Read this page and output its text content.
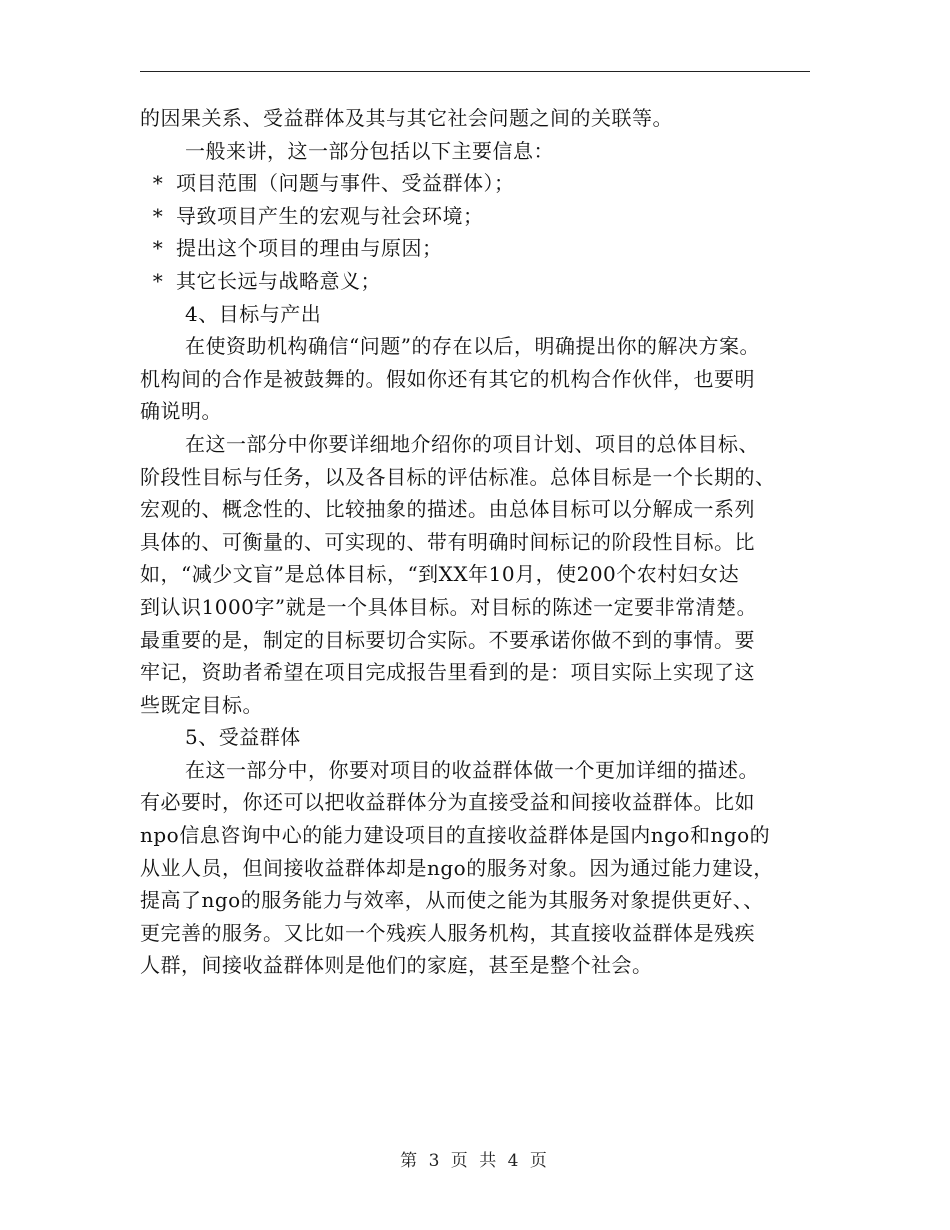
的因果关系、受益群体及其与其它社会问题之间的关联等。
一般来讲，这一部分包括以下主要信息：
* 项目范围（问题与事件、受益群体）；
* 导致项目产生的宏观与社会环境；
* 提出这个项目的理由与原因；
* 其它长远与战略意义；
4、目标与产出
在使资助机构确信“问题”的存在以后，明确提出你的解决方案。
机构间的合作是被鼓舞的。假如你还有其它的机构合作伙伴，也要明
确说明。
在这一部分中你要详细地介绍你的项目计划、项目的总体目标、
阶段性目标与任务，以及各目标的评估标准。总体目标是一个长期的、
宏观的、概念性的、比较抽象的描述。由总体目标可以分解成一系列
具体的、可衡量的、可实现的、带有明确时间标记的阶段性目标。比
如，“减少文盲”是总体目标，“到XX年10月，使200个农村妇女达
到认识1000字”就是一个具体目标。对目标的陈述一定要非常清楚。
最重要的是，制定的目标要切合实际。不要承诺你做不到的事情。要
牢记，资助者希望在项目完成报告里看到的是：项目实际上实现了这
些既定目标。
5、受益群体
在这一部分中，你要对项目的收益群体做一个更加详细的描述。
有必要时，你还可以把收益群体分为直接受益和间接收益群体。比如
npo信息咨询中心的能力建设项目的直接收益群体是国内ngo和ngo的
从业人员，但间接收益群体却是ngo的服务对象。因为通过能力建设，
提高了ngo的服务能力与效率，从而使之能为其服务对象提供更好、、
更完善的服务。又比如一个残疾人服务机构，其直接收益群体是残疾
人群，间接收益群体则是他们的家庭，甚至是整个社会。
第 3 页 共 4 页
